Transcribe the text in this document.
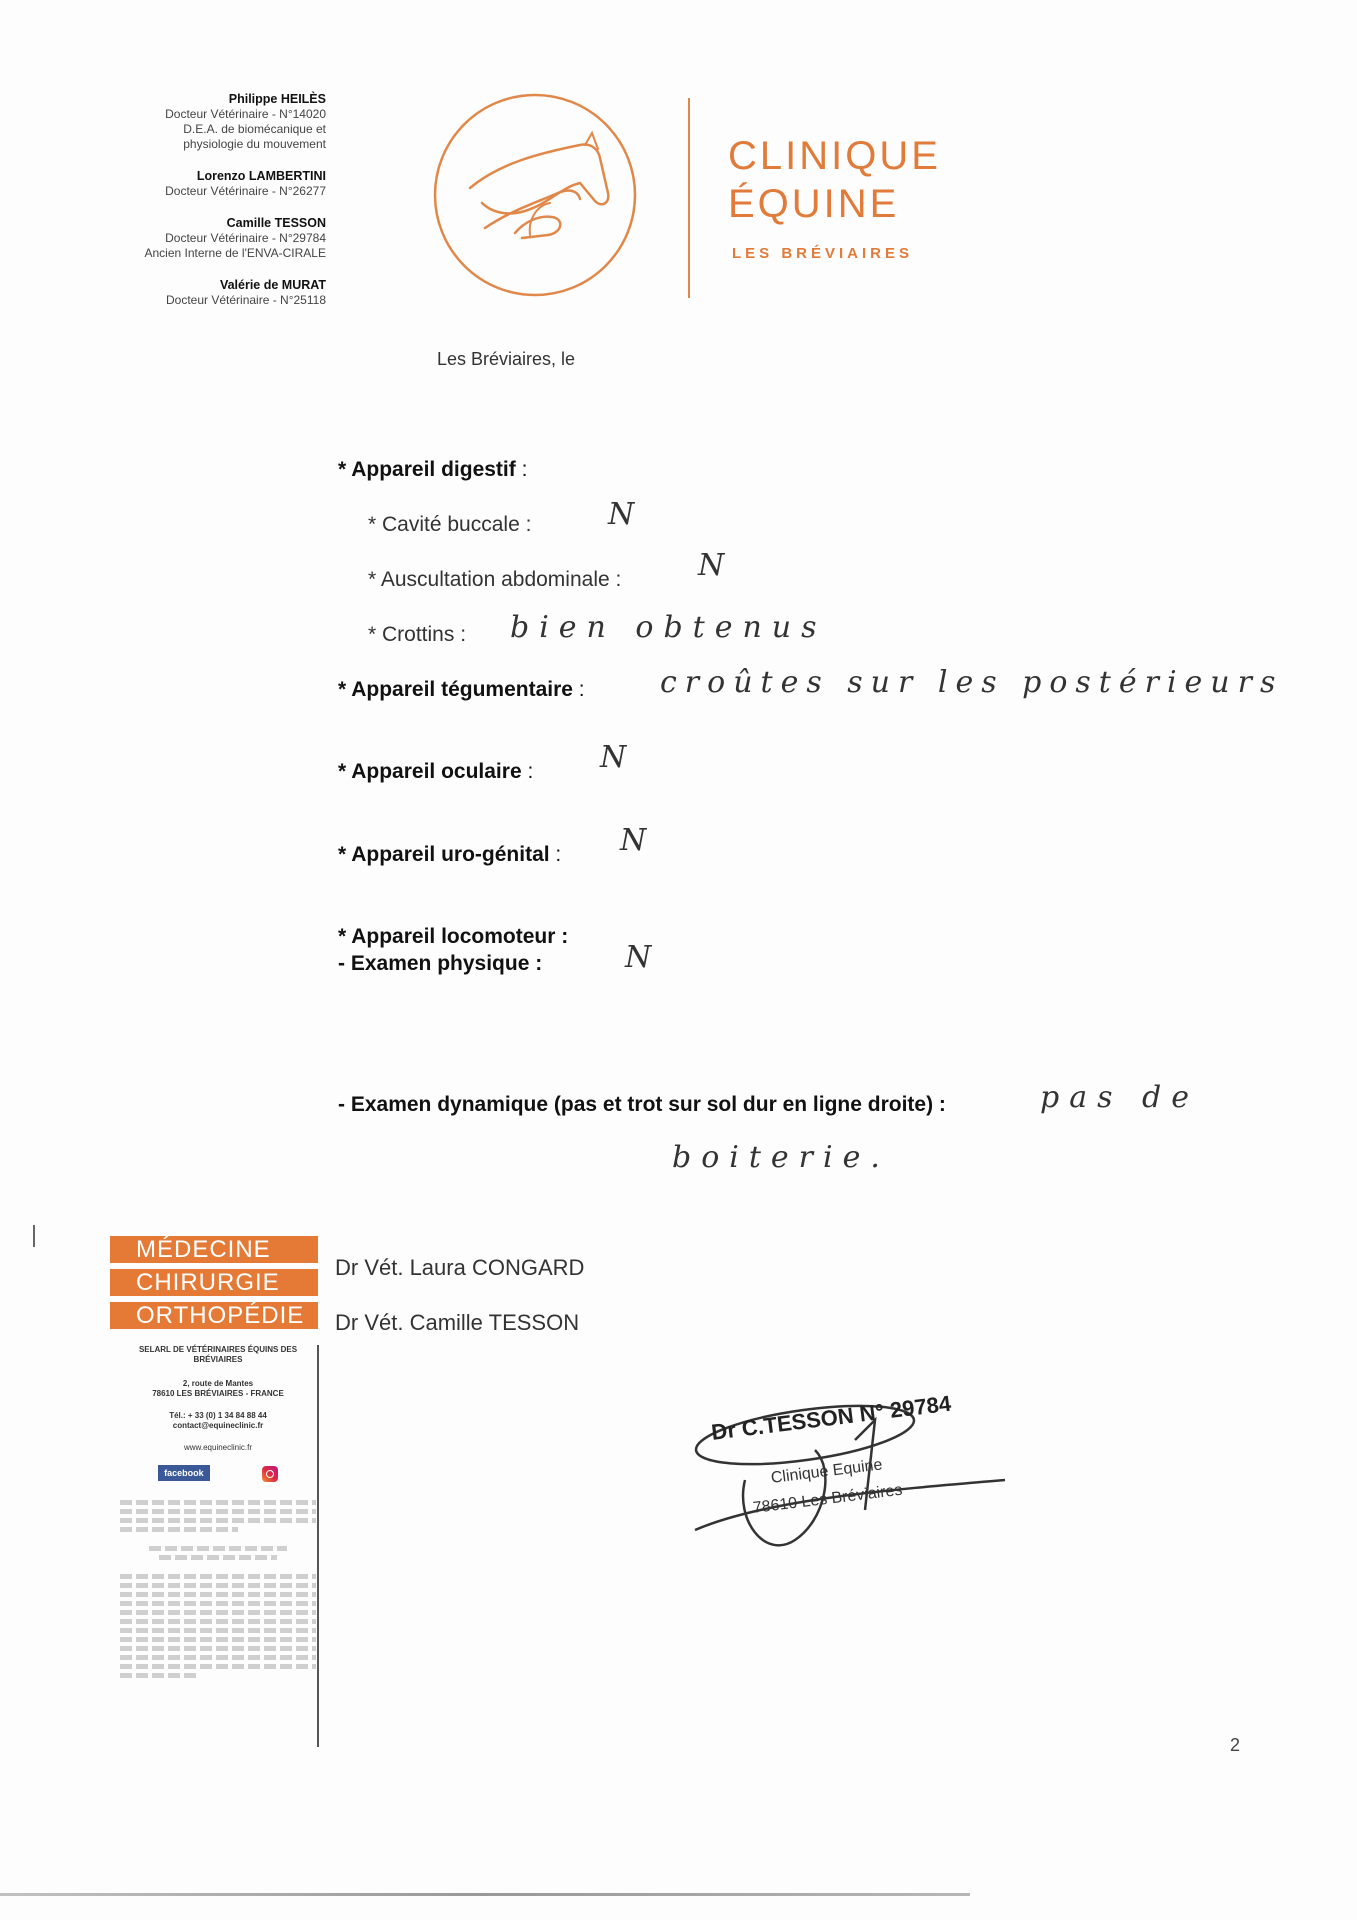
Philippe HEILÈS
Docteur Vétérinaire - N°14020
D.E.A. de biomécanique et
physiologie du mouvement
Lorenzo LAMBERTINI
Docteur Vétérinaire - N°26277
Camille TESSON
Docteur Vétérinaire - N°29784
Ancien Interne de l'ENVA-CIRALE
Valérie de MURAT
Docteur Vétérinaire - N°25118
CLINIQUE
ÉQUINE
LES BRÉVIAIRES
Les Bréviaires, le
* Appareil digestif :
* Cavité buccale :	N
* Auscultation abdominale :	N
* Crottins : bien obtenus
* Appareil tégumentaire :	croûtes sur les postérieurs
* Appareil oculaire : N
* Appareil uro-génital : N
* Appareil locomoteur :
- Examen physique :	N
- Examen dynamique (pas et trot sur sol dur en ligne droite) :	pas de
boiterie.
MÉDECINE
CHIRURGIE
ORTHOPÉDIE
Dr Vét. Laura CONGARD
Dr Vét. Camille TESSON
SELARL DE VÉTÉRINAIRES ÉQUINS DES BRÉVIAIRES
2, route de Mantes
78610 LES BRÉVIAIRES - FRANCE
Tél.: + 33 (0) 1 34 84 88 44
contact@equineclinic.fr
www.equineclinic.fr
facebook
Dr C.TESSON N° 29784
Clinique Equine
78610 Les Bréviaires
2
